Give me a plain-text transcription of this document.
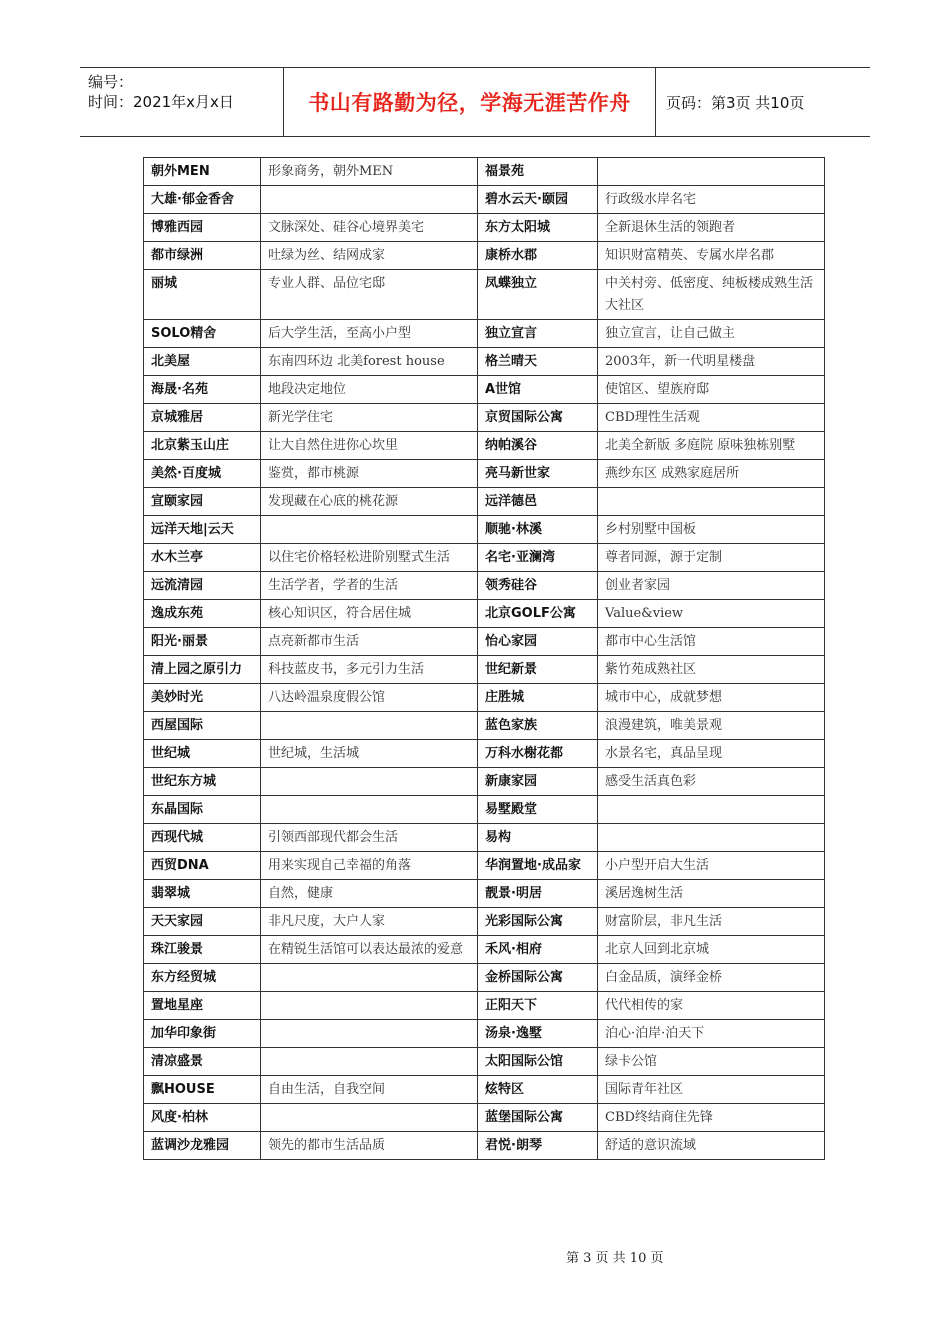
编号：
时间：2021年x月x日	书山有路勤为径，学海无涯苦作舟	页码：第3页 共10页
朝外MEN	形象商务，朝外MEN	福景苑	
大雄·郁金香舍		碧水云天·颐园	行政级水岸名宅
博雅西园	文脉深处、硅谷心境界美宅	东方太阳城	全新退休生活的领跑者
都市绿洲	吐绿为丝、结网成家	康桥水郡	知识财富精英、专属水岸名郡
丽城	专业人群、品位宅邸	凤蝶独立	中关村旁、低密度、纯板楼成熟生活大社区
SOLO精舍	后大学生活，至高小户型	独立宣言	独立宣言，让自己做主
北美屋	东南四环边 北美forest house	格兰晴天	2003年，新一代明星楼盘
海晟·名苑	地段决定地位	A世馆	使馆区、望族府邸
京城雅居	新光学住宅	京贸国际公寓	CBD理性生活观
北京紫玉山庄	让大自然住进你心坎里	纳帕溪谷	北美全新版 多庭院 原味独栋别墅
美然·百度城	鉴赏，都市桃源	亮马新世家	燕纱东区 成熟家庭居所
宣颐家园	发现藏在心底的桃花源	远洋德邑	
远洋天地|云天		顺驰·林溪	乡村别墅中国板
水木兰亭	以住宅价格轻松进阶别墅式生活	名宅·亚澜湾	尊者同源，源于定制
远流清园	生活学者，学者的生活	领秀硅谷	创业者家园
逸成东苑	核心知识区，符合居住城	北京GOLF公寓	Value&view
阳光·丽景	点亮新都市生活	怡心家园	都市中心生活馆
清上园之原引力	科技蓝皮书，多元引力生活	世纪新景	紫竹苑成熟社区
美妙时光	八达岭温泉度假公馆	庄胜城	城市中心，成就梦想
西屋国际		蓝色家族	浪漫建筑，唯美景观
世纪城	世纪城，生活城	万科水榭花都	水景名宅，真品呈现
世纪东方城		新康家园	感受生活真色彩
东晶国际		易墅殿堂	
西现代城	引领西部现代都会生活	易构	
西贸DNA	用来实现自己幸福的角落	华润置地·成品家	小户型开启大生活
翡翠城	自然，健康	靓景·明居	溪居逸树生活
天天家园	非凡尺度，大户人家	光彩国际公寓	财富阶层，非凡生活
珠江骏景	在精锐生活馆可以表达最浓的爱意	禾风·相府	北京人回到北京城
东方经贸城		金桥国际公寓	白金品质，演绎金桥
置地星座		正阳天下	代代相传的家
加华印象街		汤泉·逸墅	泊心·泊岸·泊天下
清凉盛景		太阳国际公馆	绿卡公馆
飘HOUSE	自由生活，自我空间	炫特区	国际青年社区
风度·柏林		蓝堡国际公寓	CBD终结商住先锋
蓝调沙龙雅园	领先的都市生活品质	君悦·朗琴	舒适的意识流域
第 3 页 共 10 页
